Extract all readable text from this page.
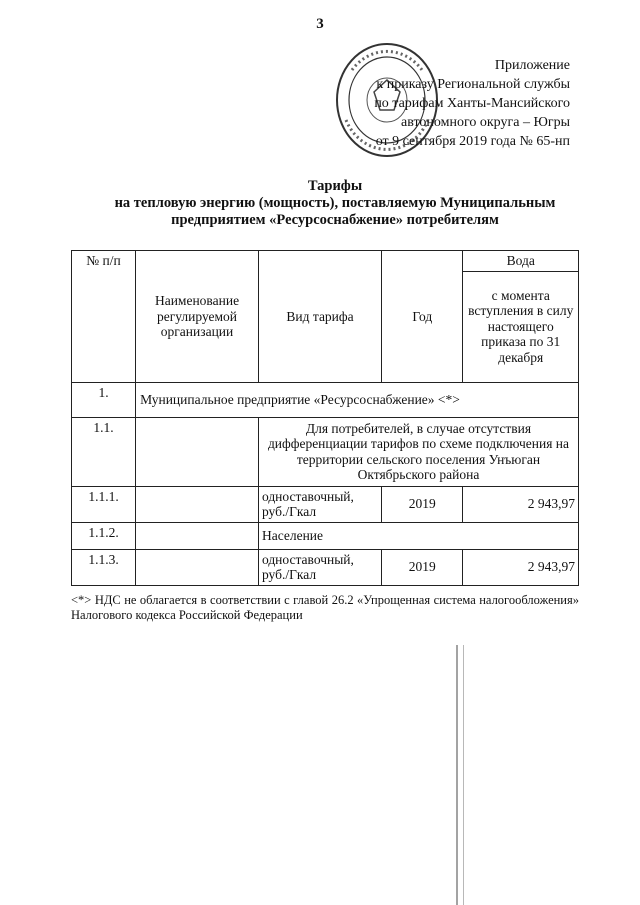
3
Приложение
к приказу Региональной службы
по тарифам Ханты-Мансийского
автономного округа – Югры
от 9 сентября 2019 года № 65-нп
Тарифы
на тепловую энергию (мощность), поставляемую Муниципальным
предприятием «Ресурсоснабжение» потребителям
№ п/п	Наименование регулируемой организации	Вид тарифа	Год	Вода
				с момента вступления в силу настоящего приказа по 31 декабря
1.	Муниципальное предприятие «Ресурсоснабжение» <*>			
1.1.		Для потребителей, в случае отсутствия дифференциации тарифов по схеме подключения на территории сельского поселения Унъюган Октябрьского района		
1.1.1.		одноставочный, руб./Гкал	2019	2 943,97
1.1.2.		Население		
1.1.3.		одноставочный, руб./Гкал	2019	2 943,97
<*> НДС не облагается в соответствии с главой 26.2 «Упрощенная система налогообложения» Налогового кодекса Российской Федерации
